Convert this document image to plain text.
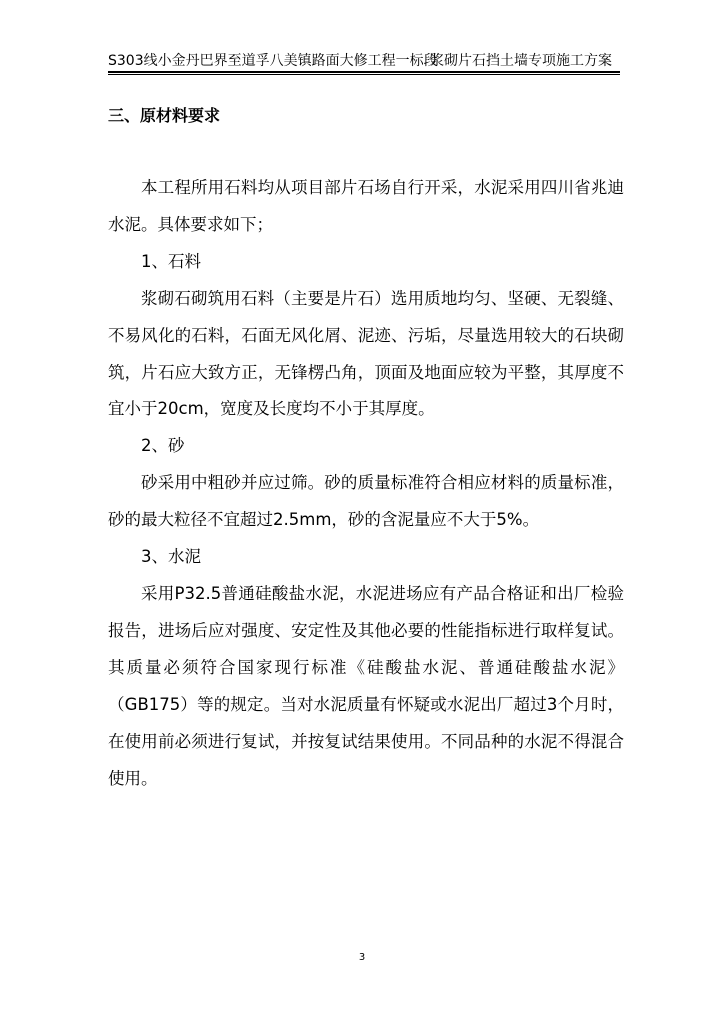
S303线小金丹巴界至道孚八美镇路面大修工程一标段
浆砌片石挡土墙专项施工方案
三、原材料要求

本工程所用石料均从项目部片石场自行开采，水泥采用四川省兆迪水泥。具体要求如下；

1、石料

浆砌石砌筑用石料（主要是片石）选用质地均匀、坚硬、无裂缝、不易风化的石料，石面无风化屑、泥迹、污垢，尽量选用较大的石块砌筑，片石应大致方正，无锋楞凸角，顶面及地面应较为平整，其厚度不宜小于20cm，宽度及长度均不小于其厚度。

2、砂

砂采用中粗砂并应过筛。砂的质量标准符合相应材料的质量标准，砂的最大粒径不宜超过2.5mm，砂的含泥量应不大于5%。

3、水泥

采用P32.5普通硅酸盐水泥，水泥进场应有产品合格证和出厂检验报告，进场后应对强度、安定性及其他必要的性能指标进行取样复试。其质量必须符合国家现行标准《硅酸盐水泥、普通硅酸盐水泥》（GB175）等的规定。当对水泥质量有怀疑或水泥出厂超过3个月时，在使用前必须进行复试，并按复试结果使用。不同品种的水泥不得混合使用。

3
